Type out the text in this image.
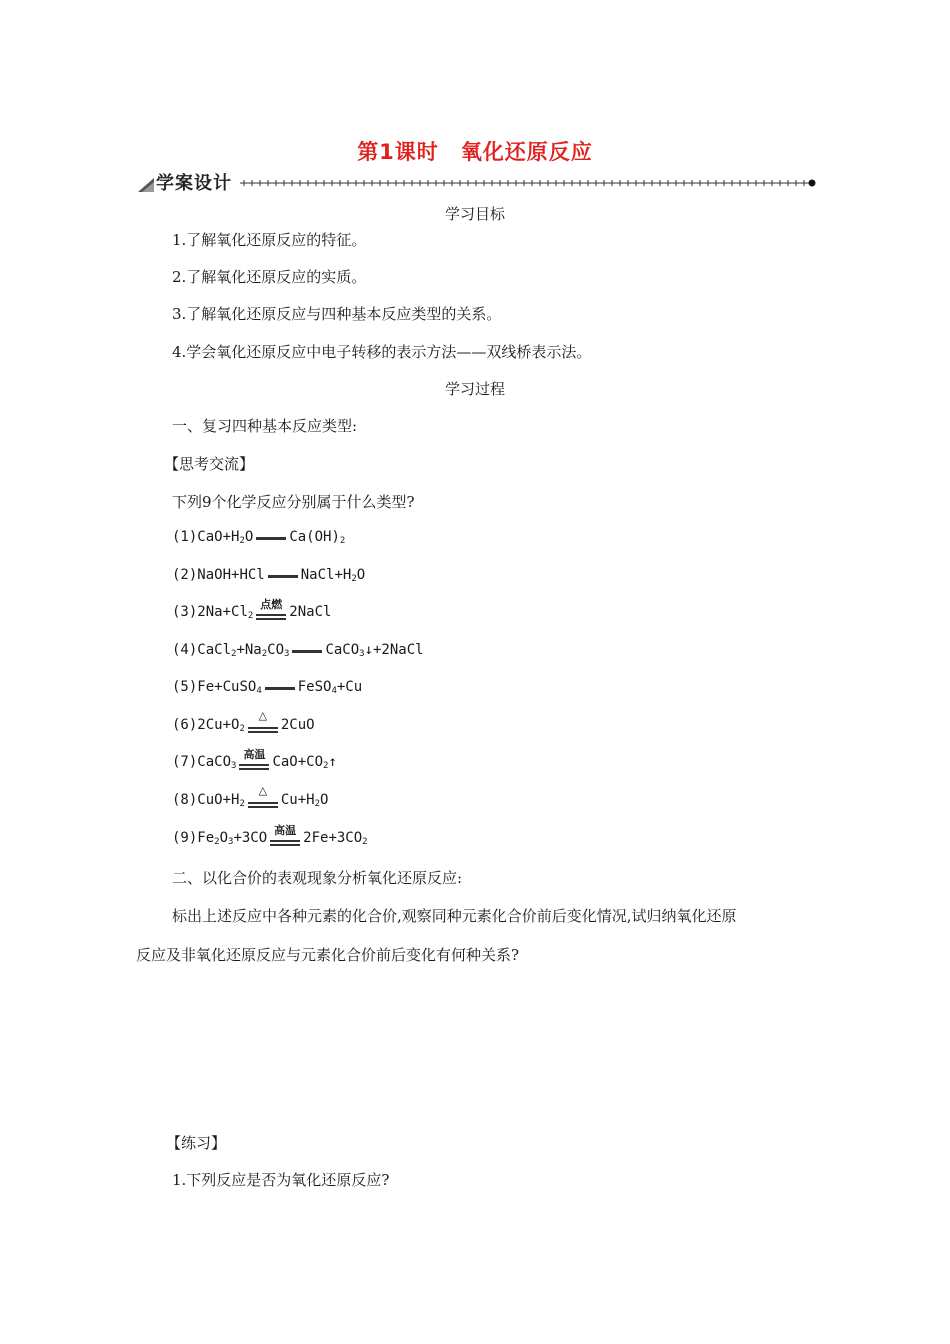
第1课时 氧化还原反应
学案设计
学习目标
1.了解氧化还原反应的特征。
2.了解氧化还原反应的实质。
3.了解氧化还原反应与四种基本反应类型的关系。
4.学会氧化还原反应中电子转移的表示方法——双线桥表示法。
学习过程
一、复习四种基本反应类型:
【思考交流】
下列9个化学反应分别属于什么类型?
$(1)CaO+H_2O$	$Ca(OH)_2$
(2)NaOH+HCl	$NaCl+H_2O$
$(3)2Na+Cl_2$
点燃 2NaCl
$(4)CaCl_2+Na_2CO_3$	CaCO$_3$↓+2NaCl
(5)Fe+CuSO$_4$	FeSO$_4$+Cu
$(6)2Cu+O_2$
△
2CuO
(7)CaCO$_3$
高温 $CaO+CO_2↑$
$(8)CuO+H_2$
△
$Cu+H_2O$
$(9)Fe_2O_3+3CO$ 高温 $2Fe+3CO_2$
二、以化合价的表观现象分析氧化还原反应:
标出上述反应中各种元素的化合价,观察同种元素化合价前后变化情况,试归纳氧化还原
反应及非氧化还原反应与元素化合价前后变化有何种关系?
【练习】
1.下列反应是否为氧化还原反应?
